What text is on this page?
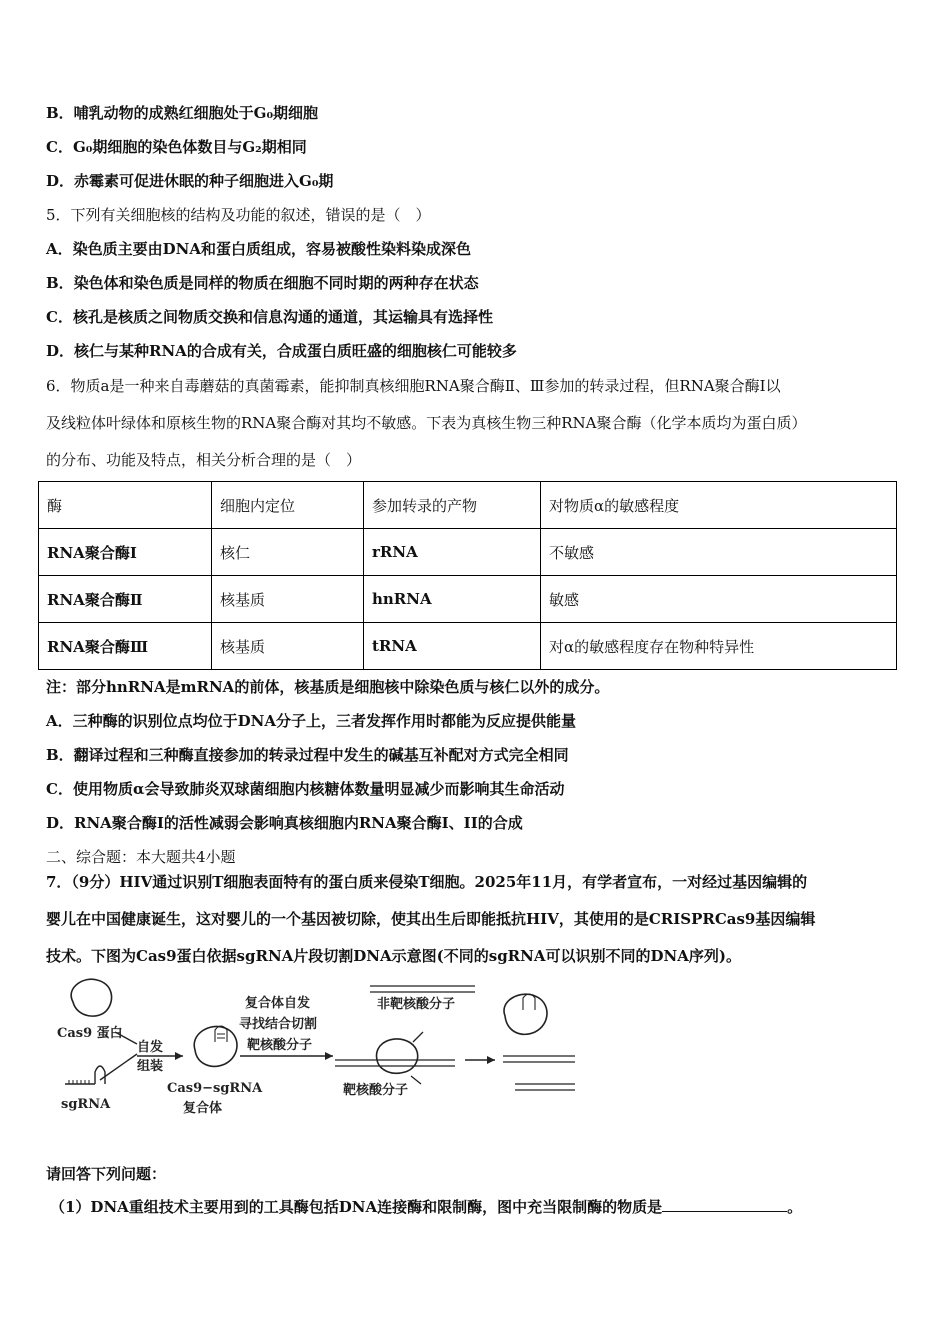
B．哺乳动物的成熟红细胞处于G₀期细胞
C．G₀期细胞的染色体数目与G₂期相同
D．赤霉素可促进休眠的种子细胞进入G₀期
5．下列有关细胞核的结构及功能的叙述，错误的是（　）
A．染色质主要由DNA和蛋白质组成，容易被酸性染料染成深色
B．染色体和染色质是同样的物质在细胞不同时期的两种存在状态
C．核孔是核质之间物质交换和信息沟通的通道，其运输具有选择性
D．核仁与某种RNA的合成有关，合成蛋白质旺盛的细胞核仁可能较多
6．物质a是一种来自毒蘑菇的真菌霉素，能抑制真核细胞RNA聚合酶Ⅱ、Ⅲ参加的转录过程，但RNA聚合酶Ⅰ以
及线粒体叶绿体和原核生物的RNA聚合酶对其均不敏感。下表为真核生物三种RNA聚合酶（化学本质均为蛋白质）
的分布、功能及特点，相关分析合理的是（　）
酶	细胞内定位	参加转录的产物	对物质α的敏感程度
RNA聚合酶Ⅰ	核仁	rRNA	不敏感
RNA聚合酶Ⅱ	核基质	hnRNA	敏感
RNA聚合酶Ⅲ	核基质	tRNA	对α的敏感程度存在物种特异性
注：部分hnRNA是mRNA的前体，核基质是细胞核中除染色质与核仁以外的成分。
A．三种酶的识别位点均位于DNA分子上，三者发挥作用时都能为反应提供能量
B．翻译过程和三种酶直接参加的转录过程中发生的碱基互补配对方式完全相同
C．使用物质α会导致肺炎双球菌细胞内核糖体数量明显减少而影响其生命活动
D．RNA聚合酶I的活性减弱会影响真核细胞内RNA聚合酶I、II的合成
二、综合题：本大题共4小题
7．（9分）HIV通过识别T细胞表面特有的蛋白质来侵染T细胞。2025年11月，有学者宣布，一对经过基因编辑的
婴儿在中国健康诞生，这对婴儿的一个基因被切除，使其出生后即能抵抗HIV，其使用的是CRISPRCas9基因编辑
技术。下图为Cas9蛋白依据sgRNA片段切割DNA示意图(不同的sgRNA可以识别不同的DNA序列)。
Cas9 蛋白
sgRNA
自发
组装
Cas9−sgRNA
复合体
复合体自发
寻找结合切割
靶核酸分子
非靶核酸分子
靶核酸分子
请回答下列问题：
（1）DNA重组技术主要用到的工具酶包括DNA连接酶和限制酶，图中充当限制酶的物质是	。
